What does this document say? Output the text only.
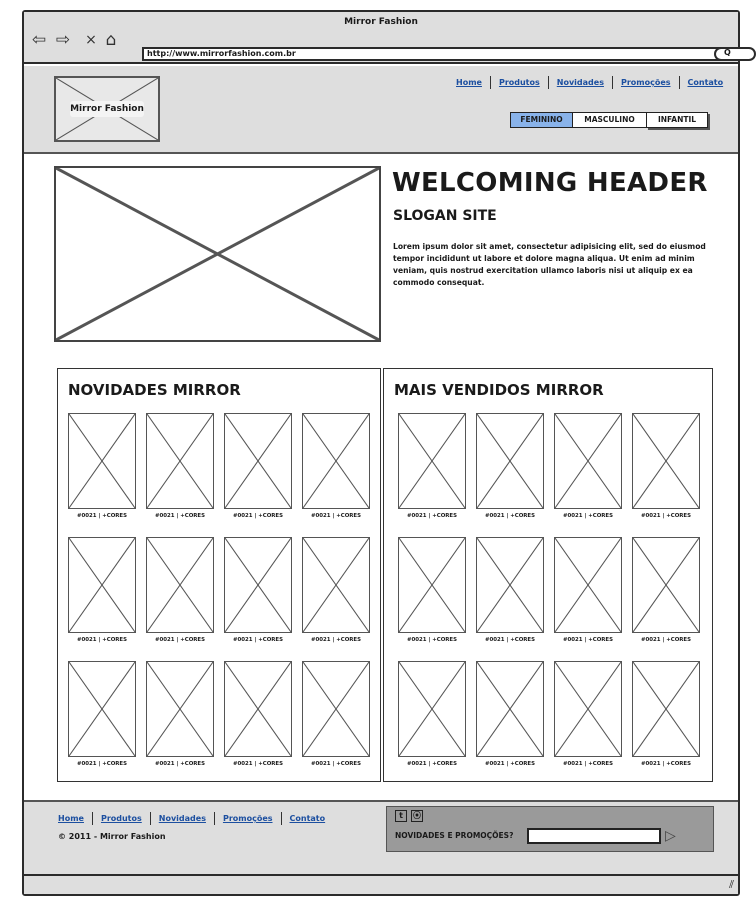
Mirror Fashion
⇦ ⇨ × ⌂
http://www.mirrorfashion.com.br	Q
Mirror Fashion
Home	Produtos	Novidades	Promoções	Contato
FEMININO	MASCULINO	INFANTIL
WELCOMING HEADER
SLOGAN SITE
Lorem ipsum dolor sit amet, consectetur adipisicing elit, sed do eiusmod tempor incididunt ut labore et dolore magna aliqua. Ut enim ad minim veniam, quis nostrud exercitation ullamco laboris nisi ut aliquip ex ea commodo consequat.
NOVIDADES MIRROR
#0021 | +CORES	#0021 | +CORES	#0021 | +CORES	#0021 | +CORES
#0021 | +CORES	#0021 | +CORES	#0021 | +CORES	#0021 | +CORES
#0021 | +CORES	#0021 | +CORES	#0021 | +CORES	#0021 | +CORES
MAIS VENDIDOS MIRROR
#0021 | +CORES	#0021 | +CORES	#0021 | +CORES	#0021 | +CORES
#0021 | +CORES	#0021 | +CORES	#0021 | +CORES	#0021 | +CORES
#0021 | +CORES	#0021 | +CORES	#0021 | +CORES	#0021 | +CORES
Home	Produtos	Novidades	Promoções	Contato
© 2011 - Mirror Fashion
t	⦿
NOVIDADES E PROMOÇÕES?	▷
⫽
